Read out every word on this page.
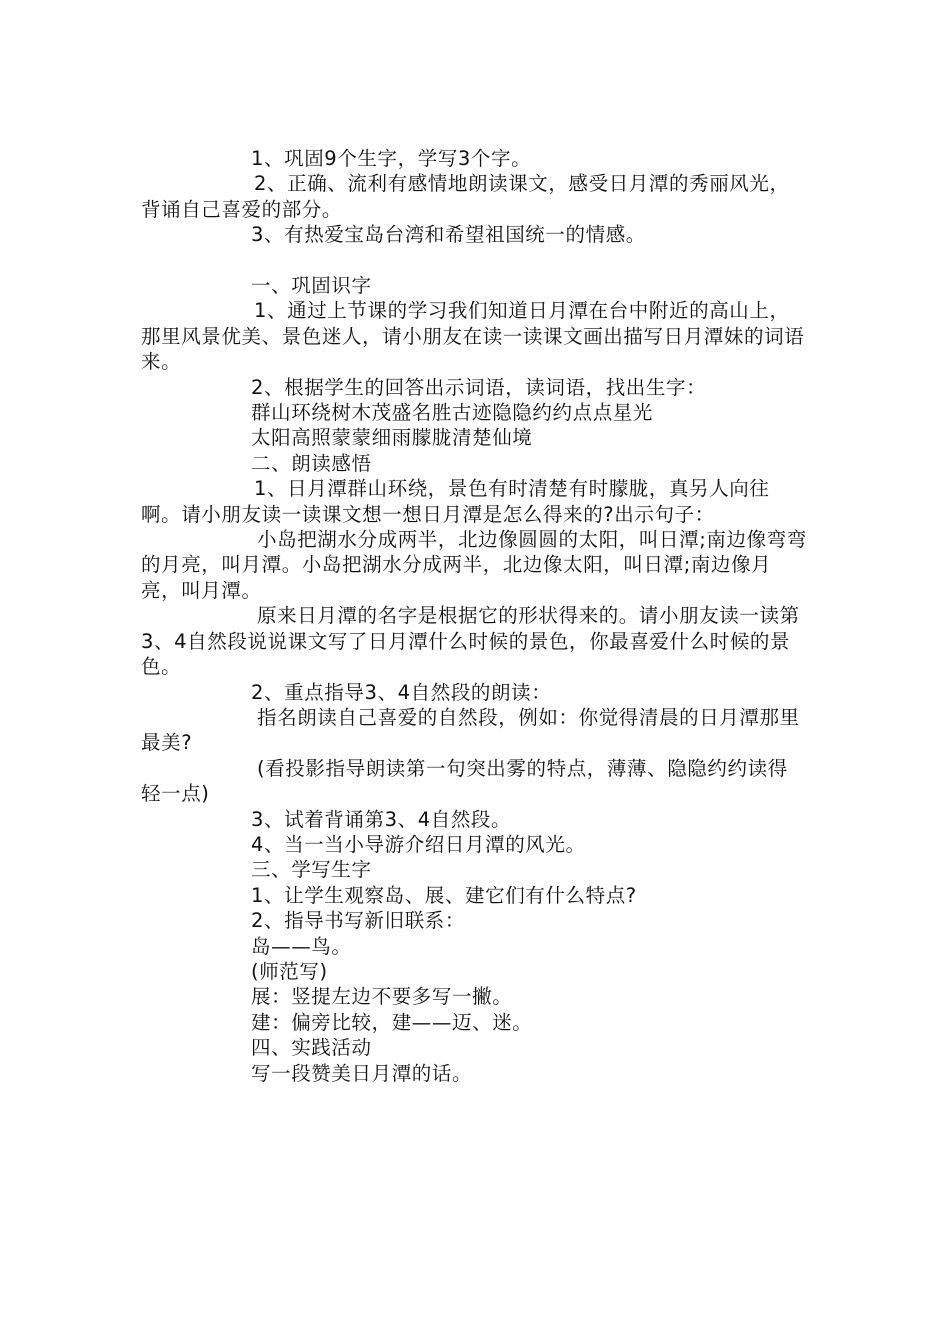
1、巩固9个生字，学写3个字。

2、正确、流利有感情地朗读课文，感受日月潭的秀丽风光，背诵自己喜爱的部分。

3、有热爱宝岛台湾和希望祖国统一的情感。

一、巩固识字

1、通过上节课的学习我们知道日月潭在台中附近的高山上，那里风景优美、景色迷人，请小朋友在读一读课文画出描写日月潭妹的词语来。

2、根据学生的回答出示词语，读词语，找出生字：

群山环绕树木茂盛名胜古迹隐隐约约点点星光

太阳高照蒙蒙细雨朦胧清楚仙境

二、朗读感悟

1、日月潭群山环绕，景色有时清楚有时朦胧，真另人向往啊。请小朋友读一读课文想一想日月潭是怎么得来的?出示句子：

小岛把湖水分成两半，北边像圆圆的太阳，叫日潭;南边像弯弯的月亮，叫月潭。小岛把湖水分成两半，北边像太阳，叫日潭;南边像月亮，叫月潭。

原来日月潭的名字是根据它的形状得来的。请小朋友读一读第3、4自然段说说课文写了日月潭什么时候的景色，你最喜爱什么时候的景色。

2、重点指导3、4自然段的朗读：

指名朗读自己喜爱的自然段，例如：你觉得清晨的日月潭那里最美?

(看投影指导朗读第一句突出雾的特点，薄薄、隐隐约约读得轻一点)

3、试着背诵第3、4自然段。

4、当一当小导游介绍日月潭的风光。

三、学写生字

1、让学生观察岛、展、建它们有什么特点?

2、指导书写新旧联系：

岛——鸟。

(师范写)

展：竖提左边不要多写一撇。

建：偏旁比较，建——迈、迷。

四、实践活动

写一段赞美日月潭的话。
